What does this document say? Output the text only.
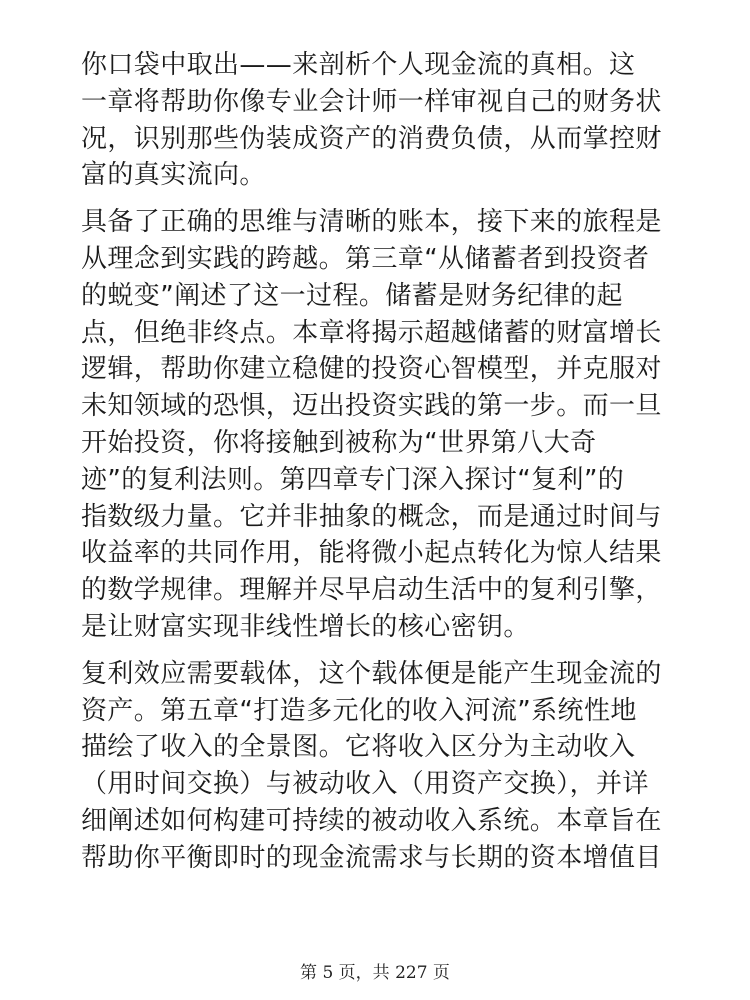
你口袋中取出——来剖析个人现金流的真相。这
一章将帮助你像专业会计师一样审视自己的财务状
况，识别那些伪装成资产的消费负债，从而掌控财
富的真实流向。
具备了正确的思维与清晰的账本，接下来的旅程是
从理念到实践的跨越。第三章“从储蓄者到投资者
的蜕变”阐述了这一过程。储蓄是财务纪律的起
点，但绝非终点。本章将揭示超越储蓄的财富增长
逻辑，帮助你建立稳健的投资心智模型，并克服对
未知领域的恐惧，迈出投资实践的第一步。而一旦
开始投资，你将接触到被称为“世界第八大奇
迹”的复利法则。第四章专门深入探讨“复利”的
指数级力量。它并非抽象的概念，而是通过时间与
收益率的共同作用，能将微小起点转化为惊人结果
的数学规律。理解并尽早启动生活中的复利引擎，
是让财富实现非线性增长的核心密钥。
复利效应需要载体，这个载体便是能产生现金流的
资产。第五章“打造多元化的收入河流”系统性地
描绘了收入的全景图。它将收入区分为主动收入
（用时间交换）与被动收入（用资产交换），并详
细阐述如何构建可持续的被动收入系统。本章旨在
帮助你平衡即时的现金流需求与长期的资本增值目
第 5 页，共 227 页
